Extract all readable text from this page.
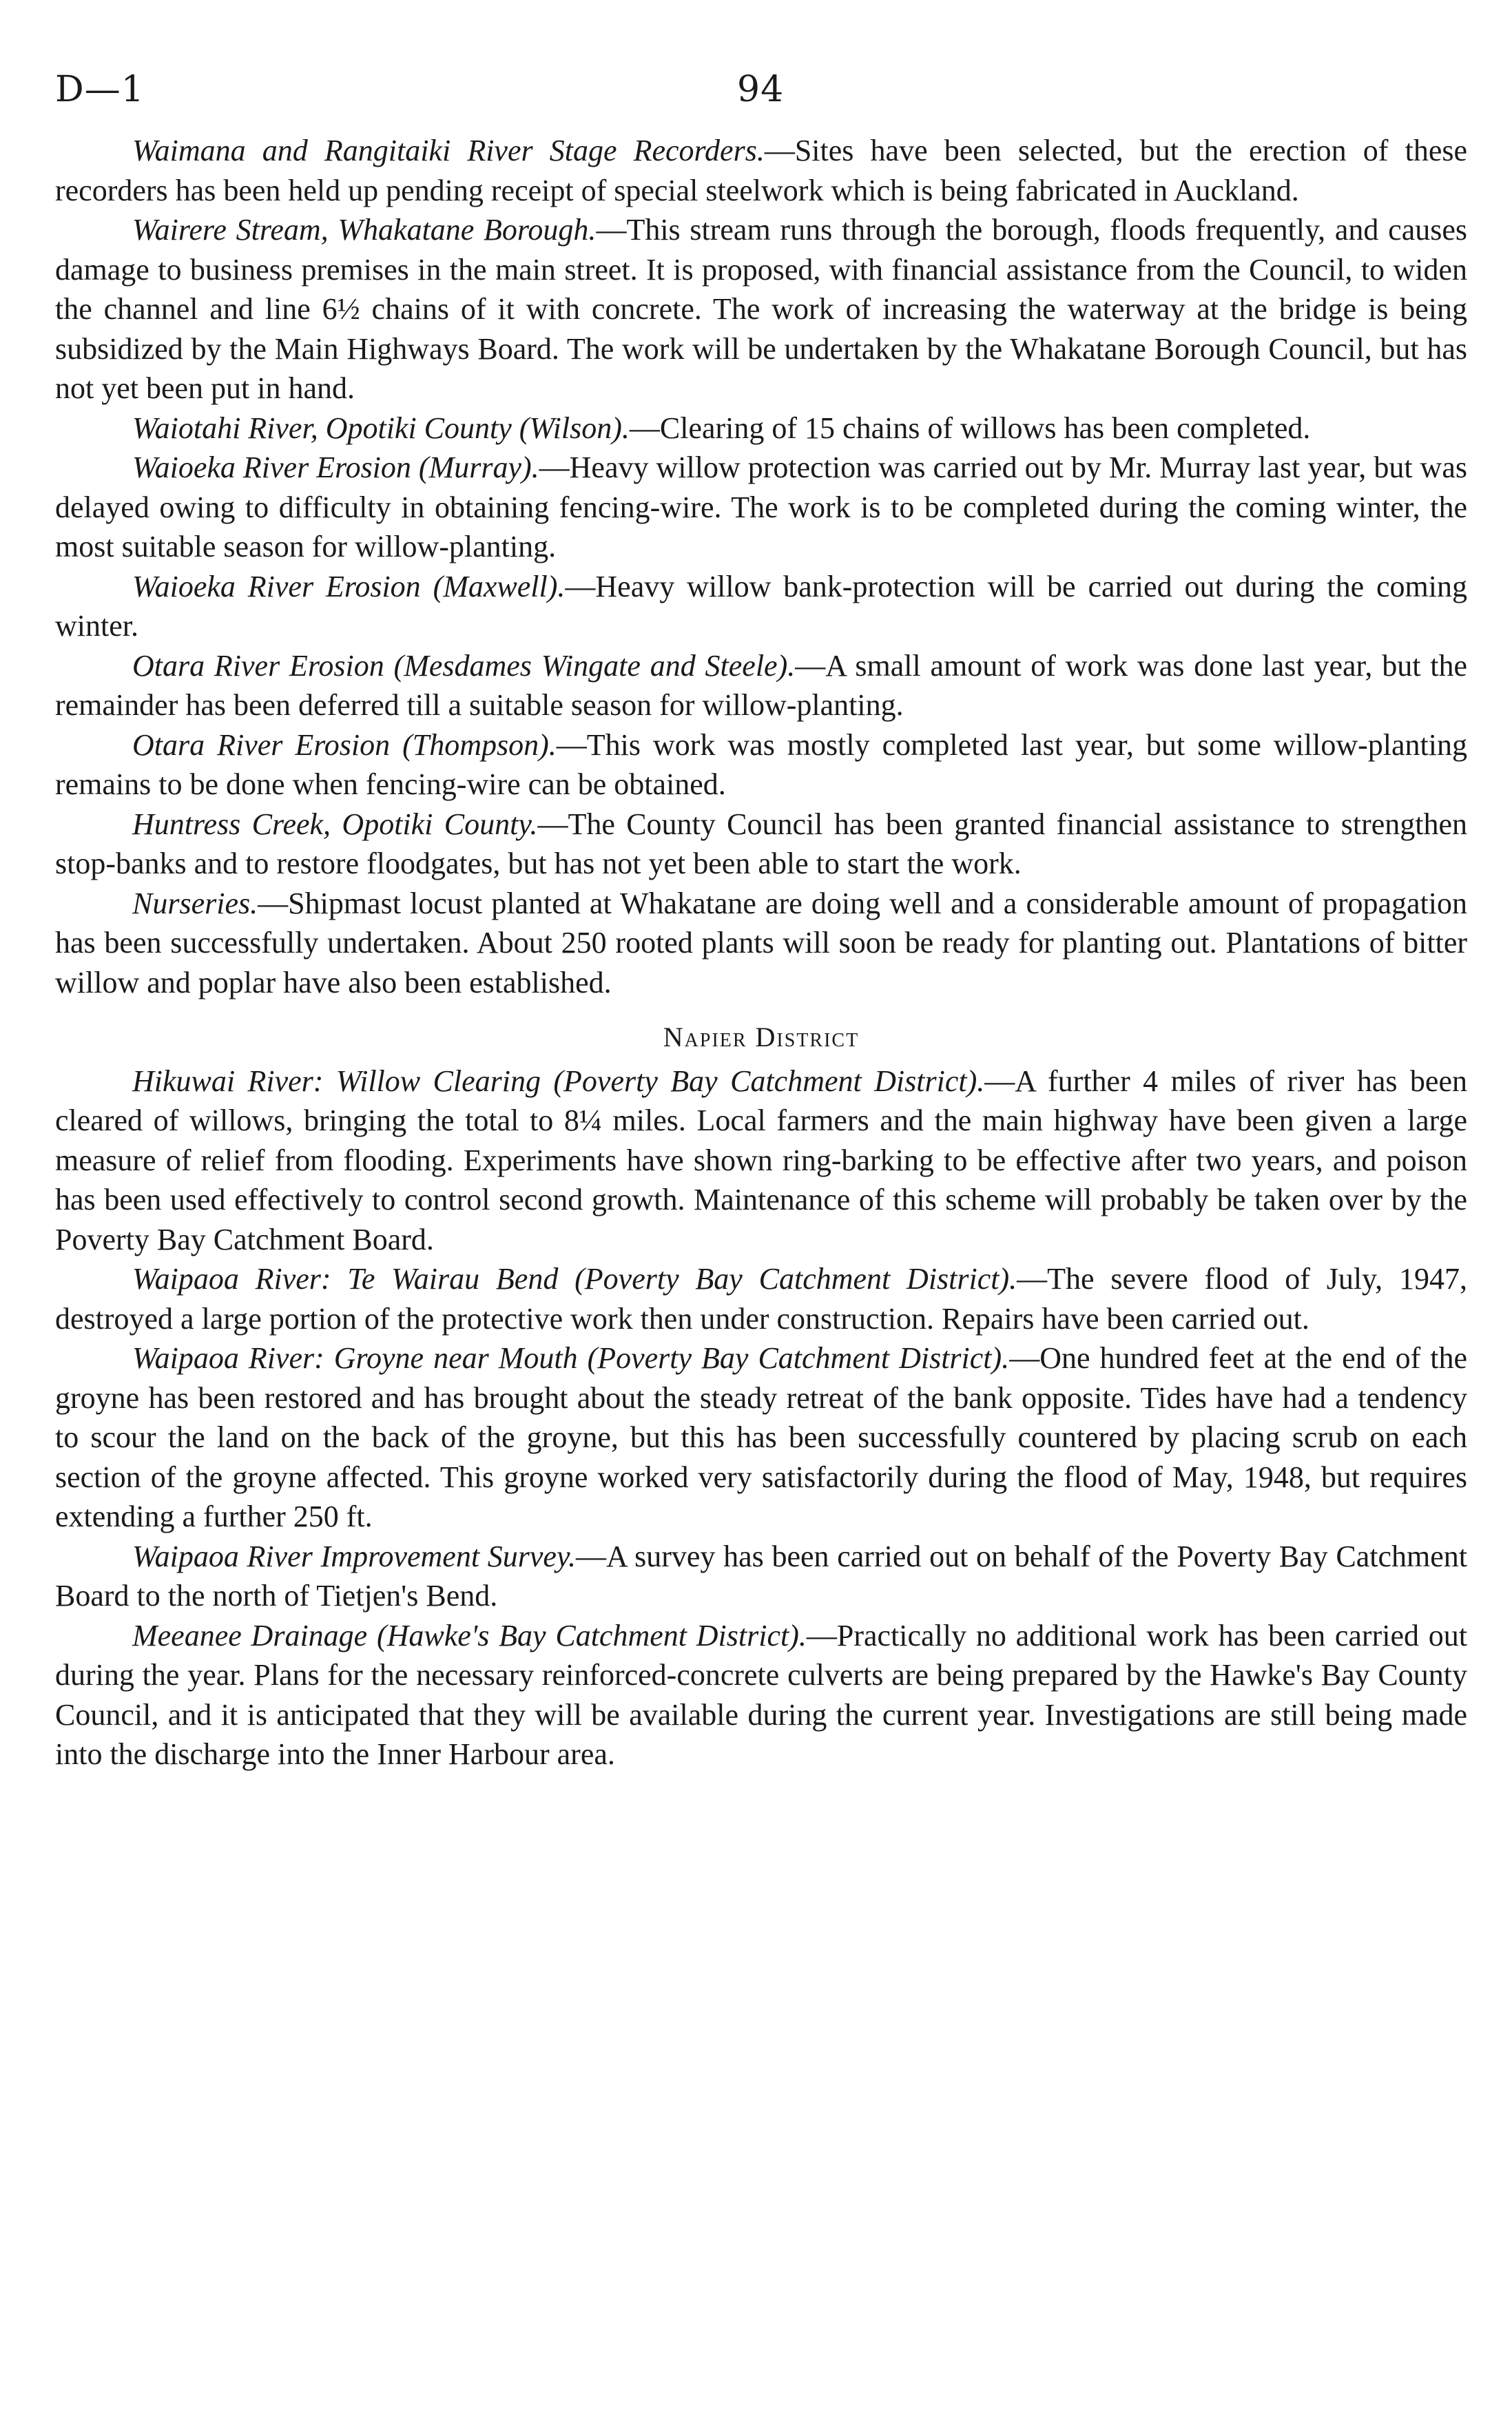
D—1	94

Waimana and Rangitaiki River Stage Recorders.—Sites have been selected, but the erection of these recorders has been held up pending receipt of special steelwork which is being fabricated in Auckland.

Wairere Stream, Whakatane Borough.—This stream runs through the borough, floods frequently, and causes damage to business premises in the main street. It is proposed, with financial assistance from the Council, to widen the channel and line 6½ chains of it with concrete. The work of increasing the waterway at the bridge is being subsidized by the Main Highways Board. The work will be undertaken by the Whakatane Borough Council, but has not yet been put in hand.

Waiotahi River, Opotiki County (Wilson).—Clearing of 15 chains of willows has been completed.

Waioeka River Erosion (Murray).—Heavy willow protection was carried out by Mr. Murray last year, but was delayed owing to difficulty in obtaining fencing-wire. The work is to be completed during the coming winter, the most suitable season for willow-planting.

Waioeka River Erosion (Maxwell).—Heavy willow bank-protection will be carried out during the coming winter.

Otara River Erosion (Mesdames Wingate and Steele).—A small amount of work was done last year, but the remainder has been deferred till a suitable season for willow-planting.

Otara River Erosion (Thompson).—This work was mostly completed last year, but some willow-planting remains to be done when fencing-wire can be obtained.

Huntress Creek, Opotiki County.—The County Council has been granted financial assistance to strengthen stop-banks and to restore floodgates, but has not yet been able to start the work.

Nurseries.—Shipmast locust planted at Whakatane are doing well and a considerable amount of propagation has been successfully undertaken. About 250 rooted plants will soon be ready for planting out. Plantations of bitter willow and poplar have also been established.

Napier District

Hikuwai River: Willow Clearing (Poverty Bay Catchment District).—A further 4 miles of river has been cleared of willows, bringing the total to 8¼ miles. Local farmers and the main highway have been given a large measure of relief from flooding. Experiments have shown ring-barking to be effective after two years, and poison has been used effectively to control second growth. Maintenance of this scheme will probably be taken over by the Poverty Bay Catchment Board.

Waipaoa River: Te Wairau Bend (Poverty Bay Catchment District).—The severe flood of July, 1947, destroyed a large portion of the protective work then under construction. Repairs have been carried out.

Waipaoa River: Groyne near Mouth (Poverty Bay Catchment District).—One hundred feet at the end of the groyne has been restored and has brought about the steady retreat of the bank opposite. Tides have had a tendency to scour the land on the back of the groyne, but this has been successfully countered by placing scrub on each section of the groyne affected. This groyne worked very satisfactorily during the flood of May, 1948, but requires extending a further 250 ft.

Waipaoa River Improvement Survey.—A survey has been carried out on behalf of the Poverty Bay Catchment Board to the north of Tietjen's Bend.

Meeanee Drainage (Hawke's Bay Catchment District).—Practically no additional work has been carried out during the year. Plans for the necessary reinforced-concrete culverts are being prepared by the Hawke's Bay County Council, and it is anticipated that they will be available during the current year. Investigations are still being made into the discharge into the Inner Harbour area.
